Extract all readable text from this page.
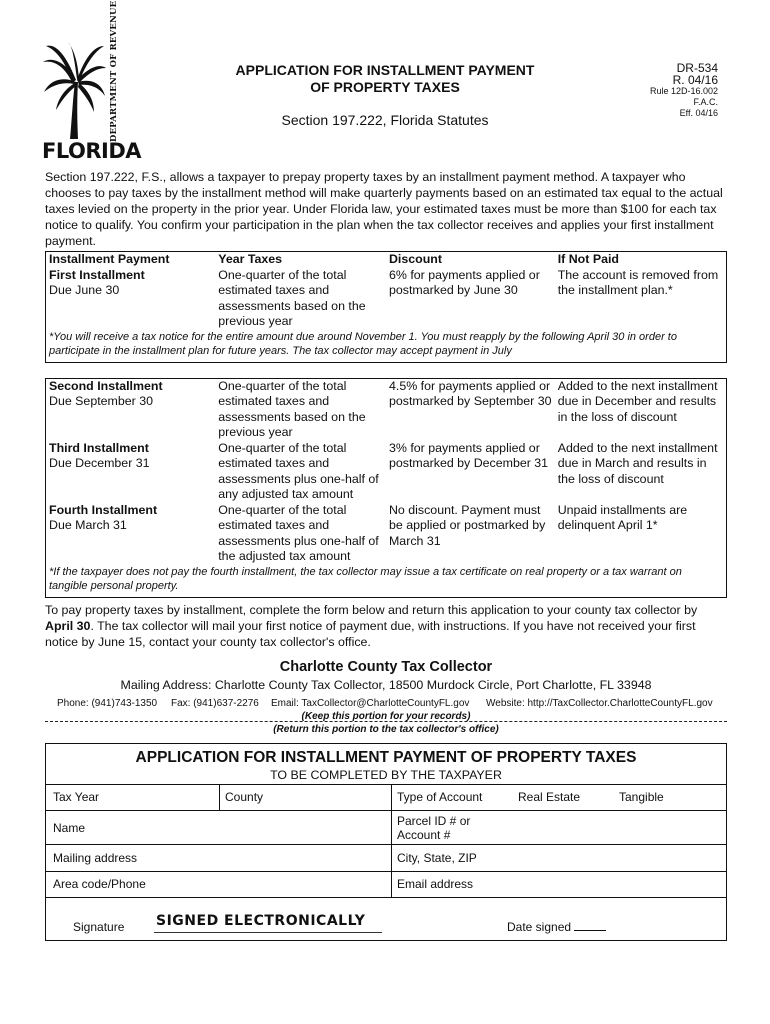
DEPARTMENT OF REVENUE
FLORIDA
APPLICATION FOR INSTALLMENT PAYMENT
OF PROPERTY TAXES
Section 197.222, Florida Statutes
DR-534
R. 04/16
Rule 12D-16.002
F.A.C.
Eff. 04/16
Section 197.222, F.S., allows a taxpayer to prepay property taxes by an installment payment method. A taxpayer who chooses to pay taxes by the installment method will make quarterly payments based on an estimated tax equal to the actual taxes levied on the property in the prior year. Under Florida law, your estimated taxes must be more than $100 for each tax notice to qualify. You confirm your participation in the plan when the tax collector receives and applies your first installment payment.
Installment Payment	Year Taxes	Discount	If Not Paid

First Installment
Due June 30	One-quarter of the total estimated taxes and assessments based on the previous year	6% for payments applied or postmarked by June 30	The account is removed from the installment plan.*
*You will receive a tax notice for the entire amount due around November 1. You must reapply by the following April 30 in order to participate in the installment plan for future years. The tax collector may accept payment in July			

Second Installment
Due September 30	One-quarter of the total estimated taxes and assessments based on the previous year	4.5% for payments applied or postmarked by September 30	Added to the next installment due in December and results in the loss of discount

Third Installment
Due December 31	One-quarter of the total estimated taxes and assessments plus one-half of any adjusted tax amount	3% for payments applied or postmarked by December 31	Added to the next installment due in March and results in the loss of discount

Fourth Installment
Due March 31	One-quarter of the total estimated taxes and assessments plus one-half of the adjusted tax amount	No discount. Payment must be applied or postmarked by March 31	Unpaid installments are delinquent April 1*
*If the taxpayer does not pay the fourth installment, the tax collector may issue a tax certificate on real property or a tax warrant on tangible personal property.			
To pay property taxes by installment, complete the form below and return this application to your county tax collector by April 30. The tax collector will mail your first notice of payment due, with instructions. If you have not received your first notice by June 15, contact your county tax collector's office.
Charlotte County Tax Collector
Mailing Address: Charlotte County Tax Collector, 18500 Murdock Circle, Port Charlotte, FL 33948
Phone: (941)743-1350 Fax: (941)637-2276 Email: TaxCollector@CharlotteCountyFL.gov Website: http://TaxCollector.CharlotteCountyFL.gov
(Keep this portion for your records)
(Return this portion to the tax collector's office)
APPLICATION FOR INSTALLMENT PAYMENT OF PROPERTY TAXES
TO BE COMPLETED BY THE TAXPAYER
Tax Year	County	Type of Account	Real Estate	Tangible
Name	Parcel ID # or
Account #
Mailing address	City, State, ZIP
Area code/Phone	Email address
Signature SIGNED ELECTRONICALLY	Date signed
